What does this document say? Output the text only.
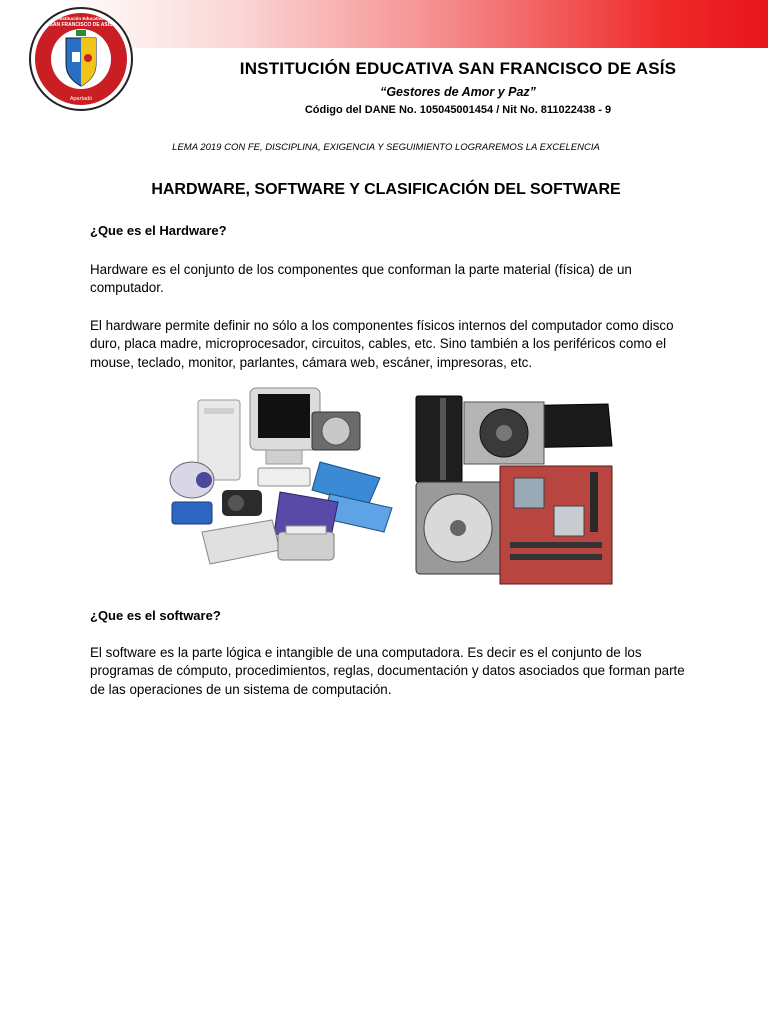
Institución Educativa
SAN FRANCISCO DE ASÍS
Apartadó
INSTITUCIÓN EDUCATIVA SAN FRANCISCO DE ASÍS
“Gestores de Amor y Paz”
Código del DANE No. 105045001454 / Nit No. 811022438 - 9
LEMA 2019 CON FE, DISCIPLINA, EXIGENCIA Y SEGUIMIENTO LOGRAREMOS LA EXCELENCIA
HARDWARE, SOFTWARE Y CLASIFICACIÓN DEL SOFTWARE
¿Que es el Hardware?
Hardware es el conjunto de los componentes que conforman la parte material (física) de un computador.
El hardware permite definir no sólo a los componentes físicos internos del computador como disco duro, placa madre, microprocesador, circuitos, cables, etc. Sino también a los periféricos como el mouse, teclado, monitor, parlantes, cámara web, escáner, impresoras, etc.
¿Que es el software?
El software es la parte lógica e intangible de una computadora. Es decir es el conjunto de los programas de cómputo, procedimientos, reglas, documentación y datos asociados que forman parte de las operaciones de un sistema de computación.
